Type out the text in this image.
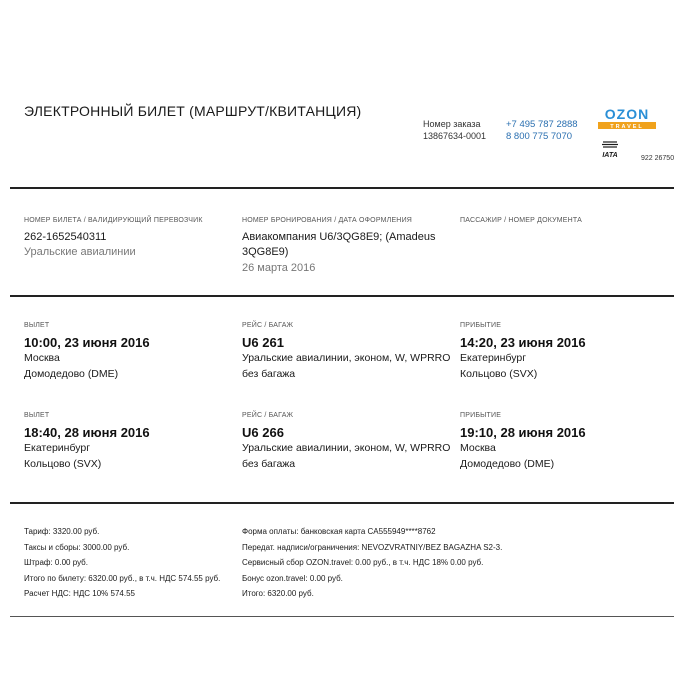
ЭЛЕКТРОННЫЙ БИЛЕТ (МАРШРУТ/КВИТАНЦИЯ)
Номер заказа
13867634-0001
+7 495 787 2888
8 800 775 7070
OZON
TRAVEL
IATA	922 26750
НОМЕР БИЛЕТА / ВАЛИДИРУЮЩИЙ ПЕРЕВОЗЧИК
262-1652540311
Уральские авиалинии
НОМЕР БРОНИРОВАНИЯ / ДАТА ОФОРМЛЕНИЯ
Авиакомпания U6/3QG8E9; (Amadeus
3QG8E9)
26 марта 2016
ПАССАЖИР / НОМЕР ДОКУМЕНТА
ВЫЛЕТ
10:00, 23 июня 2016
Москва
Домодедово (DME)
РЕЙС / БАГАЖ
U6 261
Уральские авиалинии, эконом, W, WPRRO
без багажа
ПРИБЫТИЕ
14:20, 23 июня 2016
Екатеринбург
Кольцово (SVX)
ВЫЛЕТ
18:40, 28 июня 2016
Екатеринбург
Кольцово (SVX)
РЕЙС / БАГАЖ
U6 266
Уральские авиалинии, эконом, W, WPRRO
без багажа
ПРИБЫТИЕ
19:10, 28 июня 2016
Москва
Домодедово (DME)
Тариф: 3320.00 руб.
Таксы и сборы: 3000.00 руб.
Штраф: 0.00 руб.
Итого по билету: 6320.00 руб., в т.ч. НДС 574.55 руб.
Расчет НДС: НДС 10% 574.55
Форма оплаты: банковская карта CA555949****8762
Передат. надписи/ограничения: NEVOZVRATNIY/BEZ BAGAZHA S2-3.
Сервисный сбор OZON.travel: 0.00 руб., в т.ч. НДС 18% 0.00 руб.
Бонус ozon.travel: 0.00 руб.
Итого: 6320.00 руб.
